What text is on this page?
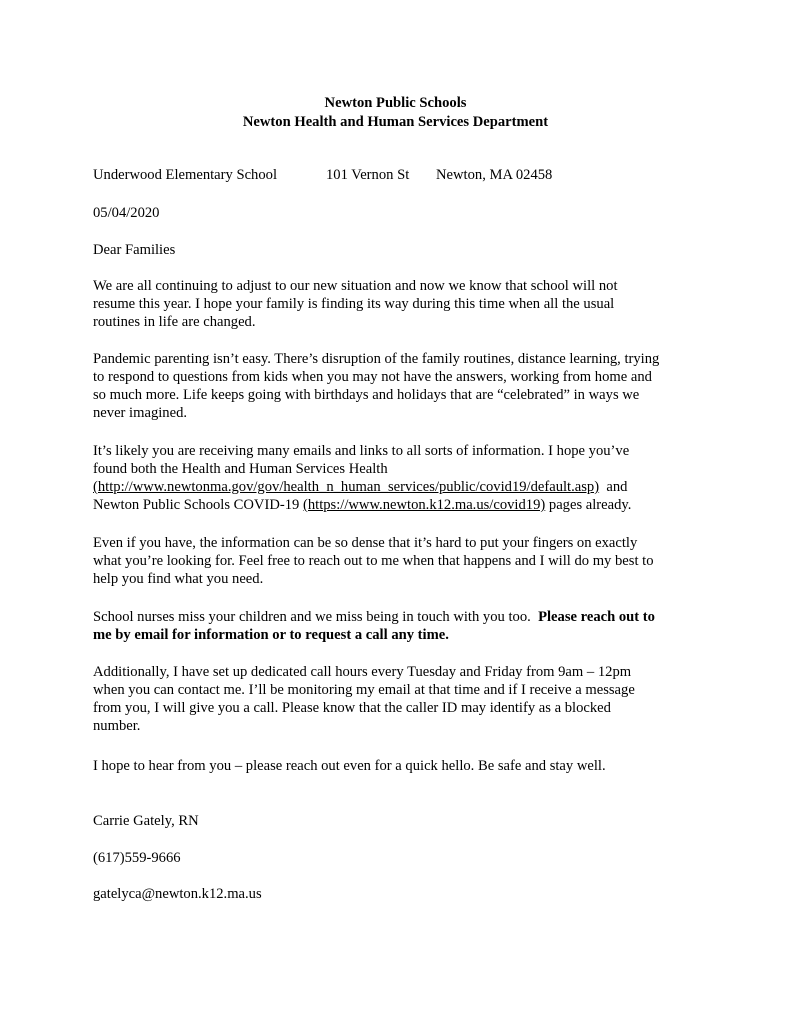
Newton Public Schools
Newton Health and Human Services Department
Underwood Elementary School	101 Vernon St Newton, MA 02458
05/04/2020
Dear Families
We are all continuing to adjust to our new situation and now we know that school will not
resume this year. I hope your family is finding its way during this time when all the usual
routines in life are changed.
Pandemic parenting isn’t easy. There’s disruption of the family routines, distance learning, trying
to respond to questions from kids when you may not have the answers, working from home and
so much more. Life keeps going with birthdays and holidays that are “celebrated” in ways we
never imagined.
It’s likely you are receiving many emails and links to all sorts of information. I hope you’ve
found both the Health and Human Services Health
(http://www.newtonma.gov/gov/health_n_human_services/public/covid19/default.asp)  and
Newton Public Schools COVID-19 (https://www.newton.k12.ma.us/covid19) pages already.
Even if you have, the information can be so dense that it’s hard to put your fingers on exactly
what you’re looking for. Feel free to reach out to me when that happens and I will do my best to
help you find what you need.
School nurses miss your children and we miss being in touch with you too.  Please reach out to
me by email for information or to request a call any time.
Additionally, I have set up dedicated call hours every Tuesday and Friday from 9am – 12pm
when you can contact me. I’ll be monitoring my email at that time and if I receive a message
from you, I will give you a call. Please know that the caller ID may identify as a blocked
number.
I hope to hear from you – please reach out even for a quick hello. Be safe and stay well.
Carrie Gately, RN
(617)559-9666
gatelyca@newton.k12.ma.us
